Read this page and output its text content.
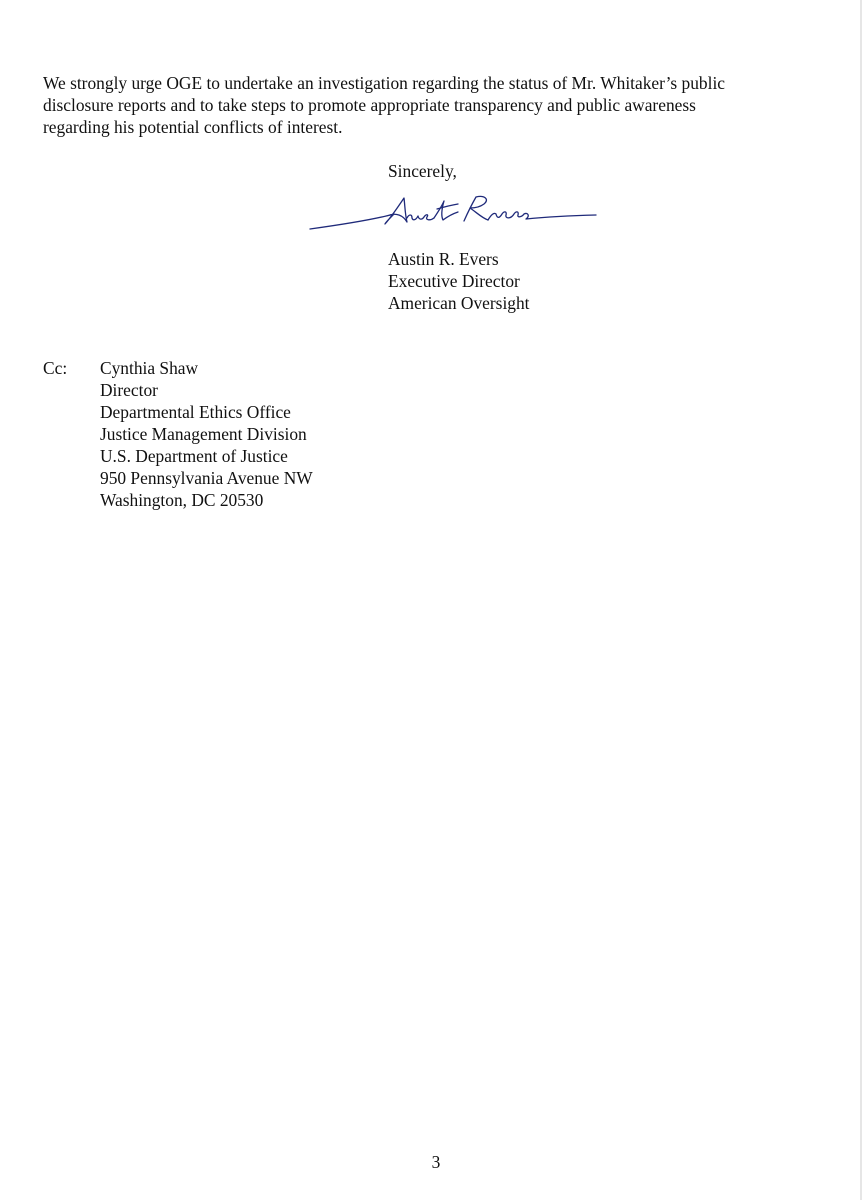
We strongly urge OGE to undertake an investigation regarding the status of Mr. Whitaker’s public
disclosure reports and to take steps to promote appropriate transparency and public awareness
regarding his potential conflicts of interest.

Sincerely,

Austin R. Evers
Executive Director
American Oversight
Cc: Cynthia Shaw
Director
Departmental Ethics Office
Justice Management Division
U.S. Department of Justice
950 Pennsylvania Avenue NW
Washington, DC 20530
3
